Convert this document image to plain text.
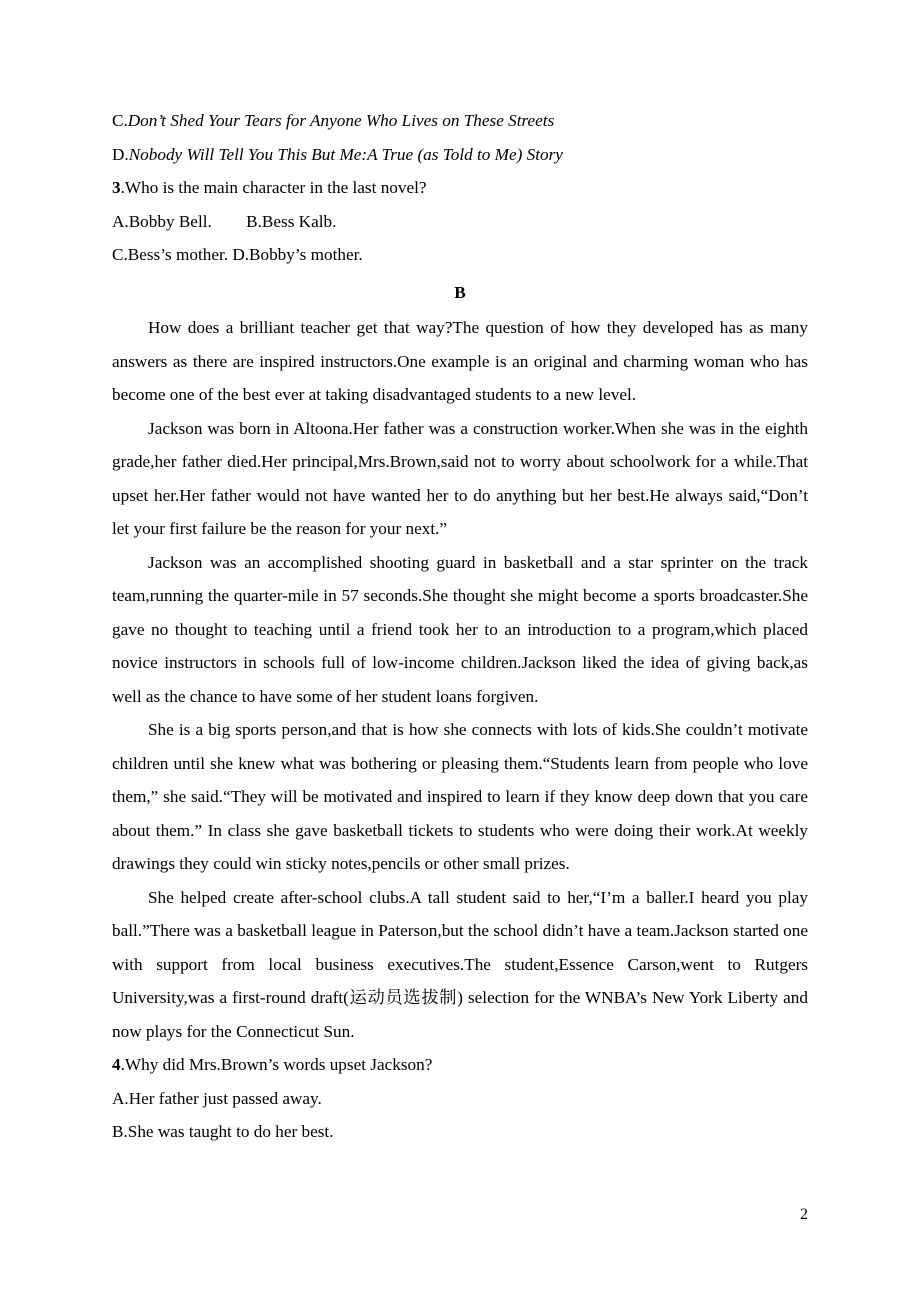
C.Don’t Shed Your Tears for Anyone Who Lives on These Streets
D.Nobody Will Tell You This But Me:A True (as Told to Me) Story
3.Who is the main character in the last novel?
A.Bobby Bell.        B.Bess Kalb.
C.Bess’s mother. D.Bobby’s mother.
B

How does a brilliant teacher get that way?The question of how they developed has as many answers as there are inspired instructors.One example is an original and charming woman who has become one of the best ever at taking disadvantaged students to a new level.

Jackson was born in Altoona.Her father was a construction worker.When she was in the eighth grade,her father died.Her principal,Mrs.Brown,said not to worry about schoolwork for a while.That upset her.Her father would not have wanted her to do anything but her best.He always said,“Don’t let your first failure be the reason for your next.”

Jackson was an accomplished shooting guard in basketball and a star sprinter on the track team,running the quarter-mile in 57 seconds.She thought she might become a sports broadcaster.She gave no thought to teaching until a friend took her to an introduction to a program,which placed novice instructors in schools full of low-income children.Jackson liked the idea of giving back,as well as the chance to have some of her student loans forgiven.

She is a big sports person,and that is how she connects with lots of kids.She couldn’t motivate children until she knew what was bothering or pleasing them.“Students learn from people who love them,” she said.“They will be motivated and inspired to learn if they know deep down that you care about them.” In class she gave basketball tickets to students who were doing their work.At weekly drawings they could win sticky notes,pencils or other small prizes.

She helped create after-school clubs.A tall student said to her,“I’m a baller.I heard you play ball.”There was a basketball league in Paterson,but the school didn’t have a team.Jackson started one with support from local business executives.The student,Essence Carson,went to Rutgers University,was a first-round draft(运动员选拔制) selection for the WNBA’s New York Liberty and now plays for the Connecticut Sun.

4.Why did Mrs.Brown’s words upset Jackson?
A.Her father just passed away.
B.She was taught to do her best.
2
